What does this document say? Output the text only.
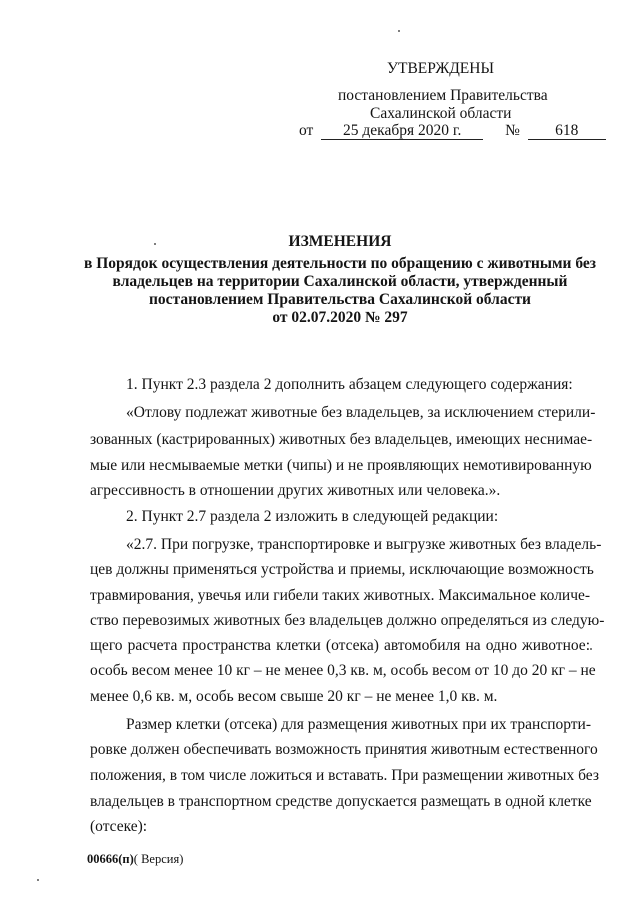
УТВЕРЖДЕНЫ
постановлением Правительства
Сахалинской области
от 25 декабря 2020 г.	№ 618
ИЗМЕНЕНИЯ
в Порядок осуществления деятельности по обращению с животными без
владельцев на территории Сахалинской области, утвержденный
постановлением Правительства Сахалинской области
от 02.07.2020 № 297
1. Пункт 2.3 раздела 2 дополнить абзацем следующего содержания:
«Отлову подлежат животные без владельцев, за исключением стерили-
зованных (кастрированных) животных без владельцев, имеющих неснимае-
мые или несмываемые метки (чипы) и не проявляющих немотивированную
агрессивность в отношении других животных или человека.».
2. Пункт 2.7 раздела 2 изложить в следующей редакции:
«2.7. При погрузке, транспортировке и выгрузке животных без владель-
цев должны применяться устройства и приемы, исключающие возможность
травмирования, увечья или гибели таких животных. Максимальное количе-
ство перевозимых животных без владельцев должно определяться из следую-
щего расчета пространства клетки (отсека) автомобиля на одно животное:
особь весом менее 10 кг – не менее 0,3 кв. м, особь весом от 10 до 20 кг – не
менее 0,6 кв. м, особь весом свыше 20 кг – не менее 1,0 кв. м.
Размер клетки (отсека) для размещения животных при их транспорти-
ровке должен обеспечивать возможность принятия животным естественного
положения, в том числе ложиться и вставать. При размещении животных без
владельцев в транспортном средстве допускается размещать в одной клетке
(отсеке):
00666(п)( Версия)
